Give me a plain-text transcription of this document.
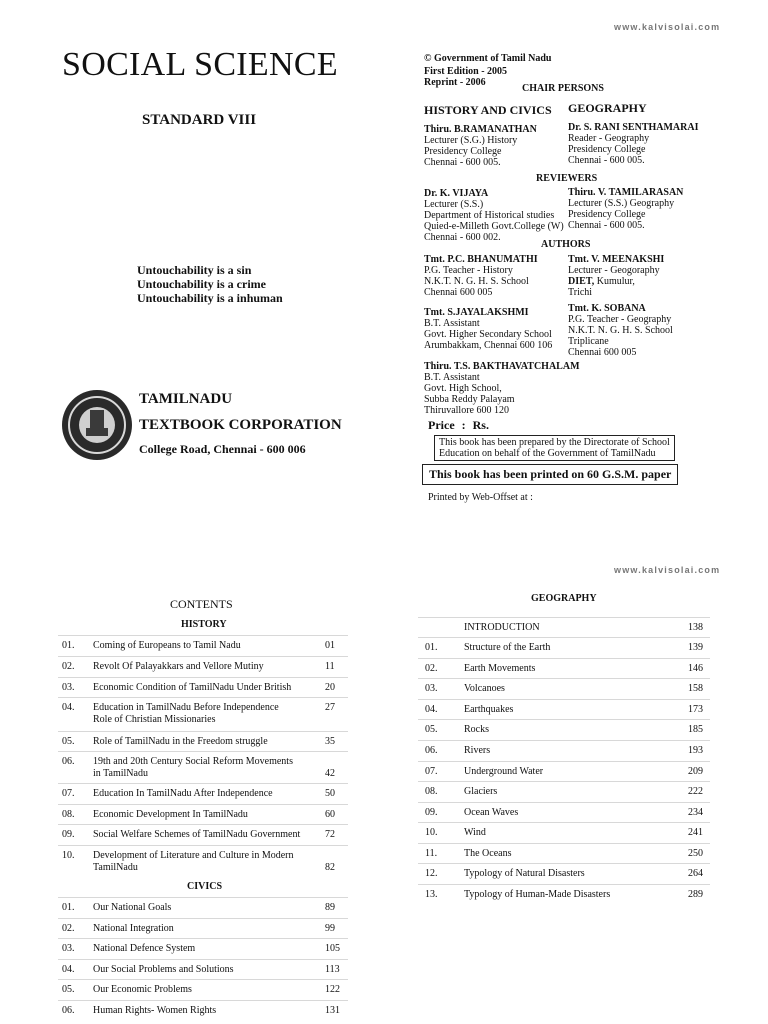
www.kalvisolai.com
www.kalvisolai.com
SOCIAL SCIENCE
STANDARD VIII
Untouchability is a sin
Untouchability is a crime
Untouchability is a inhuman
TAMILNADU
TEXTBOOK CORPORATION
College Road, Chennai - 600 006
© Government of Tamil Nadu
First Edition - 2005
Reprint - 2006
CHAIR PERSONS
HISTORY AND CIVICS GEOGRAPHY
Thiru. B.RAMANATHAN
Lecturer (S.G.) History
Presidency College
Chennai - 600 005.
Dr. S. RANI SENTHAMARAI
Reader - Geography
Presidency College
Chennai - 600 005.
REVIEWERS
Dr. K. VIJAYA
Lecturer (S.S.)
Department of Historical studies
Quied-e-Milleth Govt.College (W)
Chennai - 600 002.
Thiru. V. TAMILARASAN
Lecturer (S.S.) Geography
Presidency College
Chennai - 600 005.
AUTHORS
Tmt. P.C. BHANUMATHI
P.G. Teacher - History
N.K.T. N. G. H. S. School
Chennai 600 005
Tmt. V. MEENAKSHI
Lecturer - Geogoraphy
DIET, Kumulur,
Trichi
Tmt. S.JAYALAKSHMI
B.T. Assistant
Govt. Higher Secondary School
Arumbakkam, Chennai 600 106
Tmt. K. SOBANA
P.G. Teacher - Geography
N.K.T. N. G. H. S. School
Triplicane
Chennai 600 005
Thiru. T.S. BAKTHAVATCHALAM
B.T. Assistant
Govt. High School,
Subba Reddy Palayam
Thiruvallore 600 120
Price : Rs.
This book has been prepared by the Directorate of School
Education on behalf of the Government of TamilNadu
This book has been printed on 60 G.S.M. paper
Printed by Web-Offset at :
CONTENTS
HISTORY
CIVICS
GEOGRAPHY
01. Coming of Europeans to Tamil Nadu	01
02. Revolt Of Palayakkars and Vellore Mutiny	11
03. Economic Condition of TamilNadu Under British	20
04. Education in TamilNadu Before Independence
Role of Christian Missionaries
27
05. Role of TamilNadu in the Freedom struggle	35
06. 19th and 20th Century Social Reform Movements
in TamilNadu	42
07. Education In TamilNadu After Independence	50
08. Economic Development In TamilNadu	60
09. Social Welfare Schemes of TamilNadu Government 72
10. Development of Literature and Culture in Modern
TamilNadu	82
01. Our National Goals	89
02. National Integration	99
03. National Defence System	105
04. Our Social Problems and Solutions	113
05. Our Economic Problems	122
06. Human Rights- Women Rights	131
INTRODUCTION	138
01.	Structure of the Earth	139
02.	Earth Movements	146
03.	Volcanoes	158
04.	Earthquakes	173
05.	Rocks	185
06.	Rivers	193
07.	Underground Water	209
08.	Glaciers	222
09.	Ocean Waves	234
10.	Wind	241
11.	The Oceans	250
12.	Typology of Natural Disasters	264
13.	Typology of Human-Made Disasters	289
